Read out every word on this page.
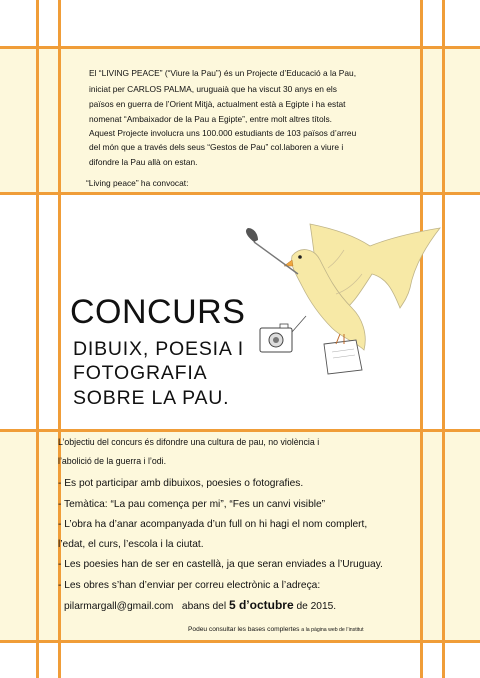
El “LIVING PEACE” (“Viure la Pau”) és un Projecte d’Educació a la Pau,
iniciat per CARLOS PALMA, uruguaià que ha viscut 30 anys en els
països en guerra de l’Orient Mitjà, actualment està a Egipte i ha estat
nomenat “Ambaixador de la Pau a Egipte”, entre molt altres títols.
Aquest Projecte involucra uns 100.000 estudiants de 103 països d’arreu
del món que a través dels seus “Gestos de Pau” col.laboren a viure i
difondre la Pau allà on estan.
“Living peace” ha convocat:
CONCURS
DIBUIX, POESIA I
FOTOGRAFIA
SOBRE LA PAU.
L’objectiu del concurs és difondre una cultura de pau, no violència i
l’abolició de la guerra i l’odi.
- Es pot participar amb dibuixos, poesies o fotografies.
- Temàtica: “La pau comença per mi”, “Fes un canvi visible”
- L’obra ha d’anar acompanyada d’un full on hi hagi el nom complert,
l’edat, el curs, l’escola i la ciutat.
- Les poesies han de ser en castellà, ja que seran enviades a l’Uruguay.
- Les obres s’han d’enviar per correu electrònic a l’adreça:
pilarmargall@gmail.com   abans del 5 d’octubre de 2015.
Podeu consultar les bases complertes a la pàgina web de l’institut
